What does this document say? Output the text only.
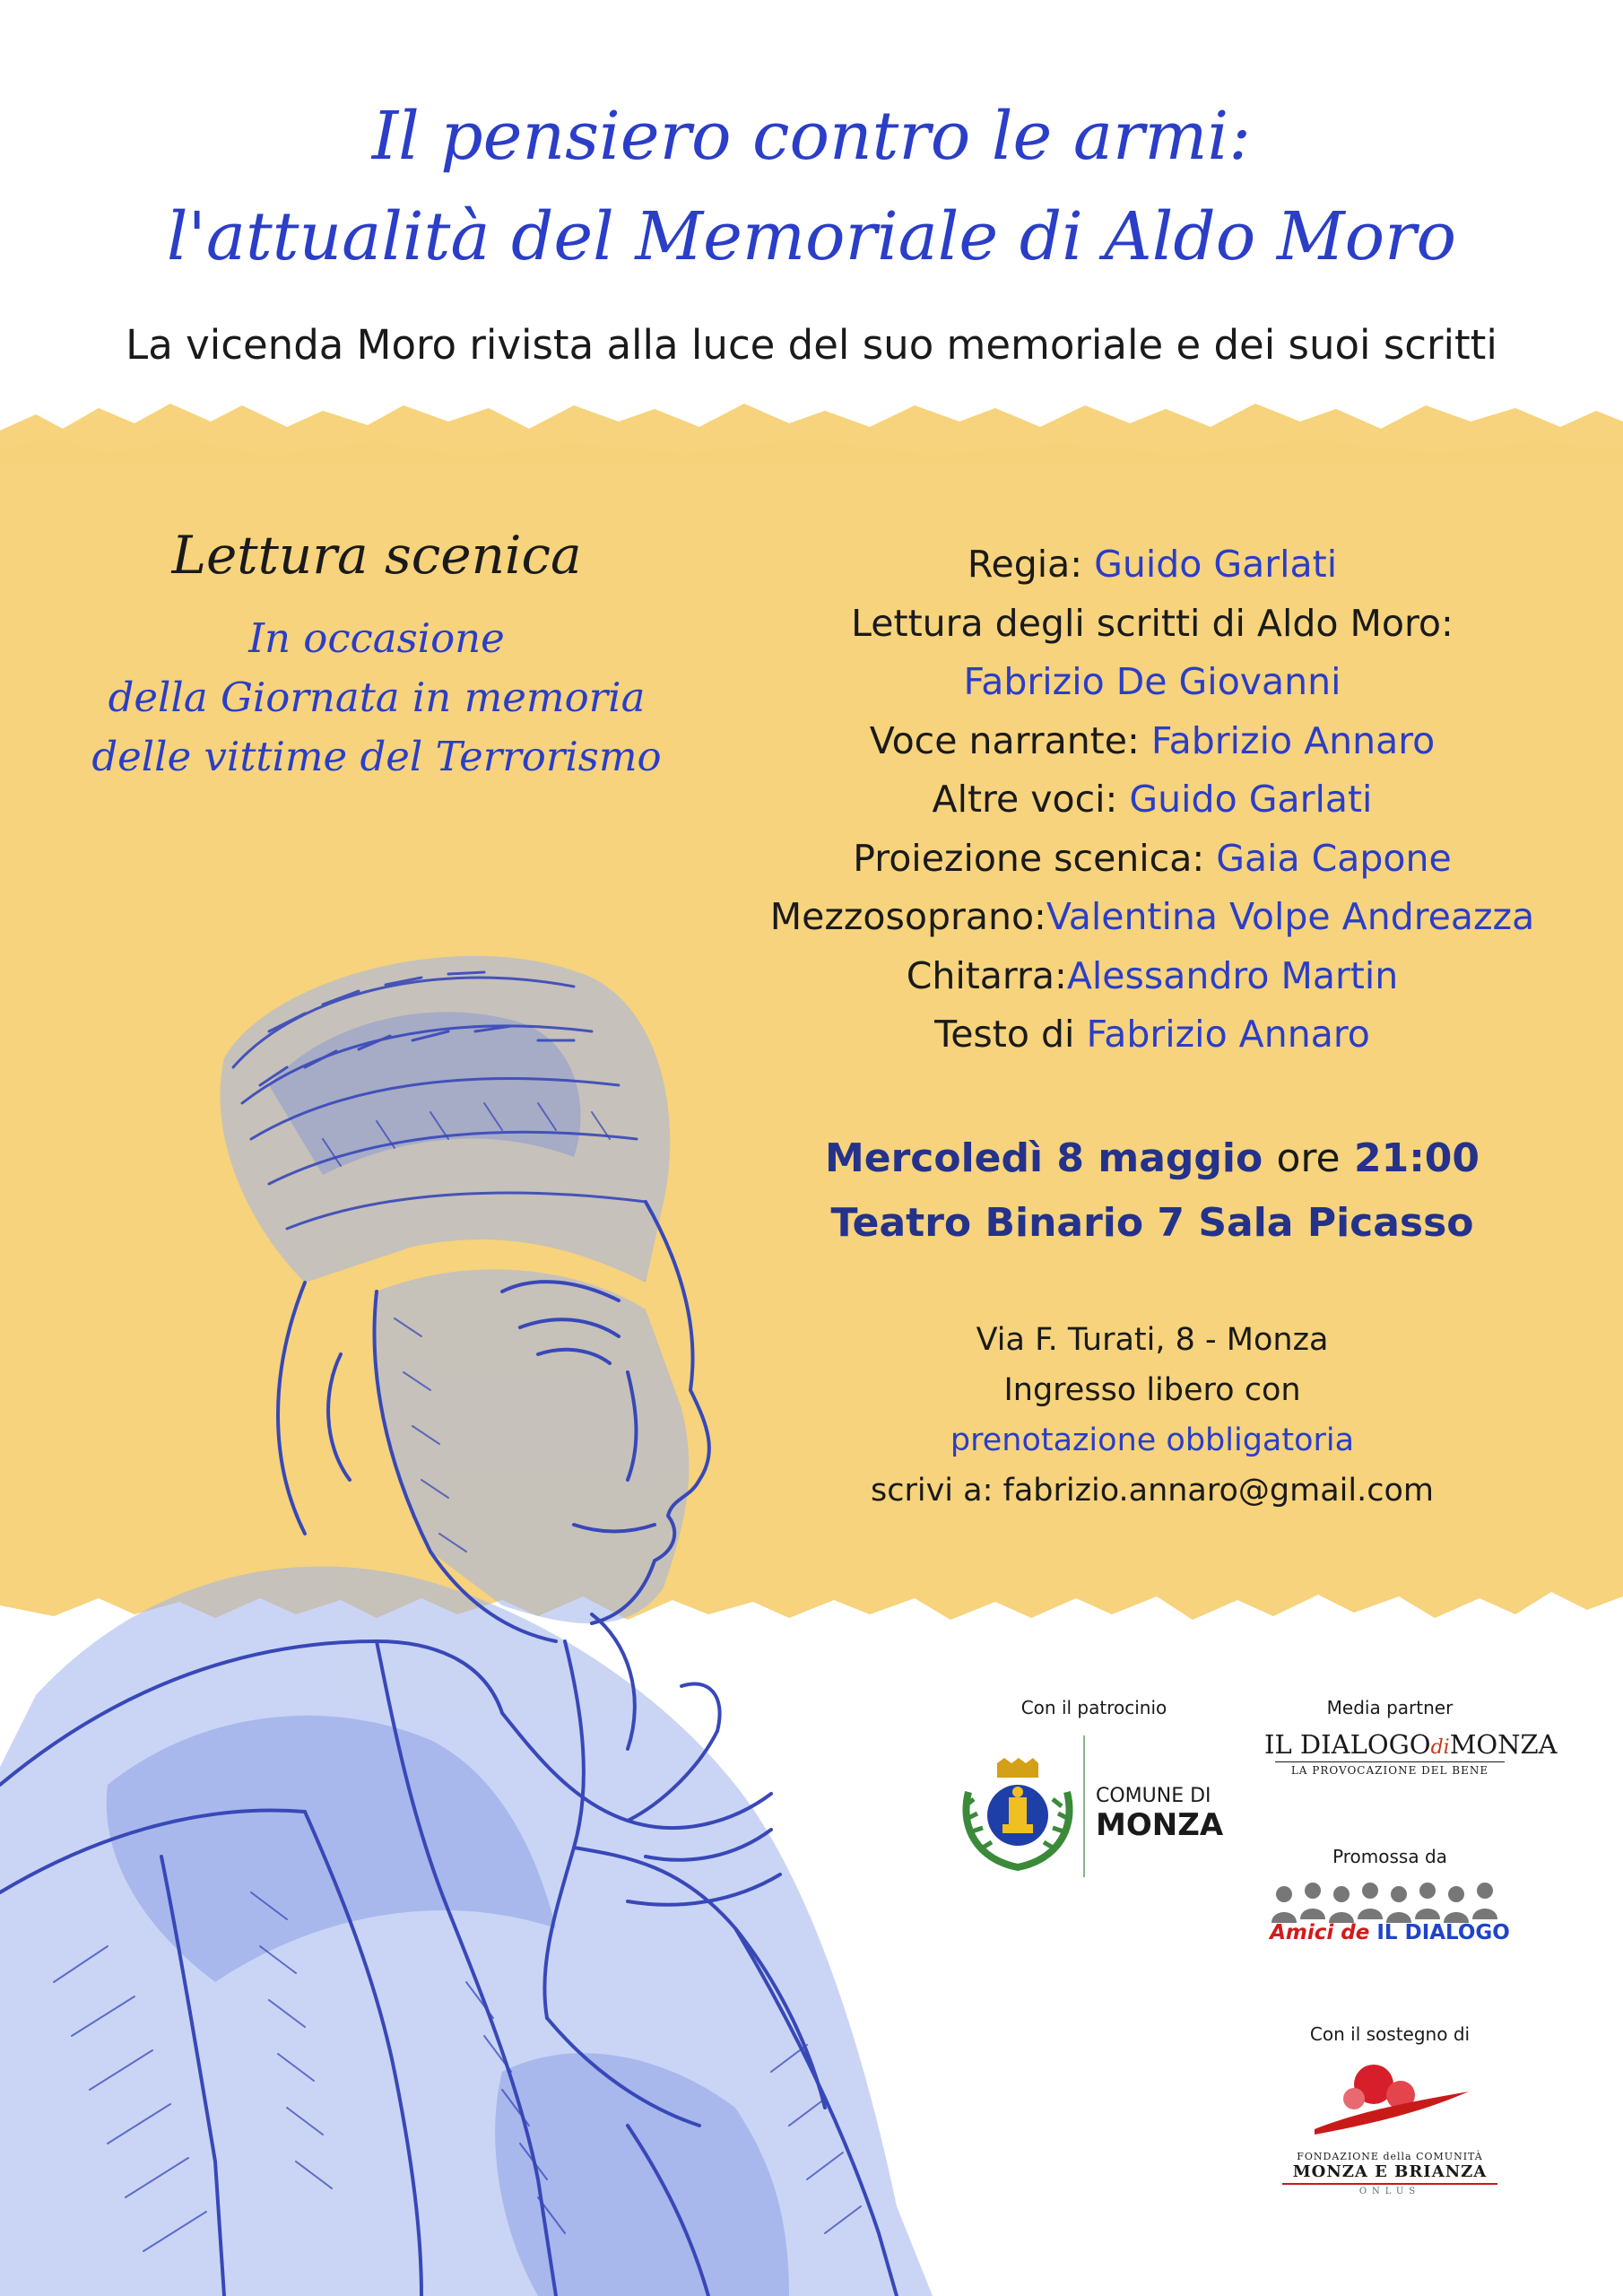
Il pensiero contro le armi:
l'attualità del Memoriale di Aldo Moro
La vicenda Moro rivista alla luce del suo memoriale e dei suoi scritti
Lettura scenica
In occasione
della Giornata in memoria
delle vittime del Terrorismo
Regia: Guido Garlati
Lettura degli scritti di Aldo Moro:
Fabrizio De Giovanni
Voce narrante: Fabrizio Annaro
Altre voci: Guido Garlati
Proiezione scenica: Gaia Capone
Mezzosoprano:Valentina Volpe Andreazza
Chitarra:Alessandro Martin
Testo di Fabrizio Annaro
Mercoledì 8 maggio ore 21:00
Teatro Binario 7 Sala Picasso
Via F. Turati, 8 - Monza
Ingresso libero con
prenotazione obbligatoria
scrivi a: fabrizio.annaro@gmail.com
Con il patrocinio
COMUNE DI
MONZA
Media partner
IL DIALOGOdiMONZA
LA PROVOCAZIONE DEL BENE
Promossa da
Amici de IL DIALOGO
Con il sostegno di
FONDAZIONE della COMUNITÀ
MONZA E BRIANZA
ONLUS
